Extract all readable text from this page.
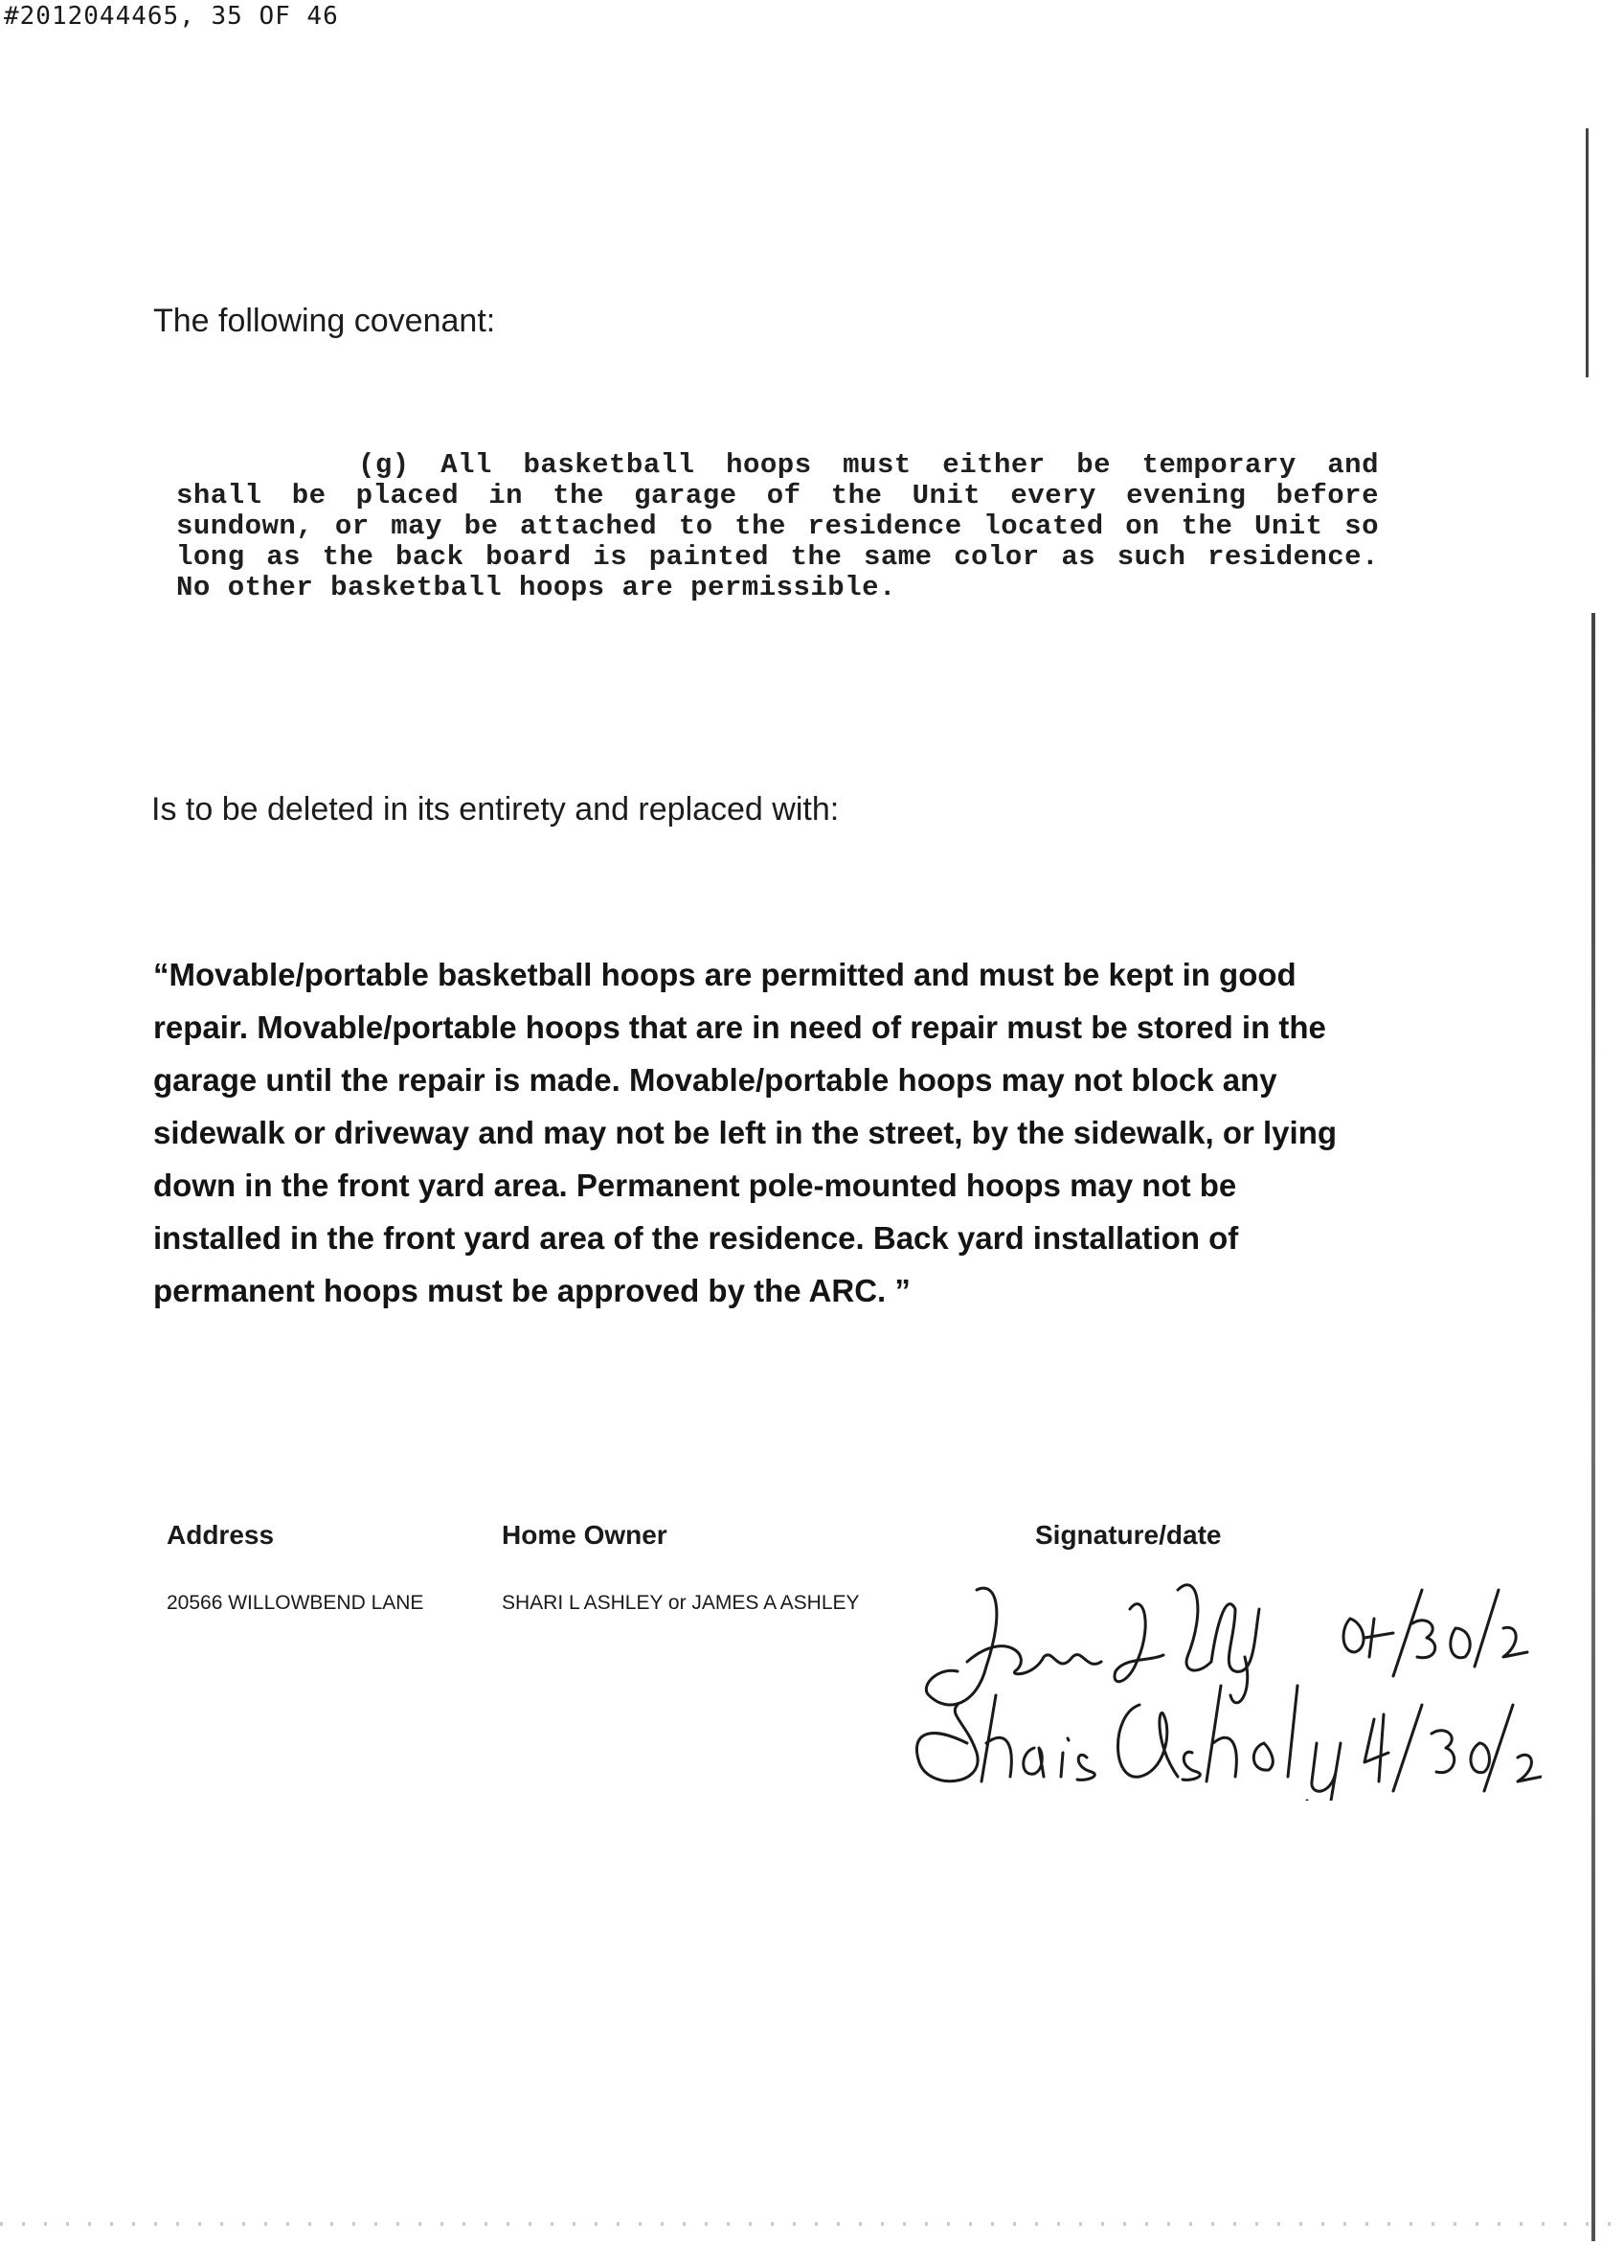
#2012044465, 35 OF 46
The following covenant:
(g) All basketball hoops must either be temporary and
shall be placed in the garage of the Unit every evening before
sundown, or may be attached to the residence located on the Unit so
long as the back board is painted the same color as such residence.
No other basketball hoops are permissible.
Is to be deleted in its entirety and replaced with:
“Movable/portable basketball hoops are permitted and must be kept in good
repair. Movable/portable hoops that are in need of repair must be stored in the
garage until the repair is made. Movable/portable hoops may not block any
sidewalk or driveway and may not be left in the street, by the sidewalk, or lying
down in the front yard area. Permanent pole-mounted hoops may not be
installed in the front yard area of the residence. Back yard installation of
permanent hoops must be approved by the ARC. ”
Address	Home Owner	Signature/date
20566 WILLOWBEND LANE	SHARI L ASHLEY or JAMES A ASHLEY
